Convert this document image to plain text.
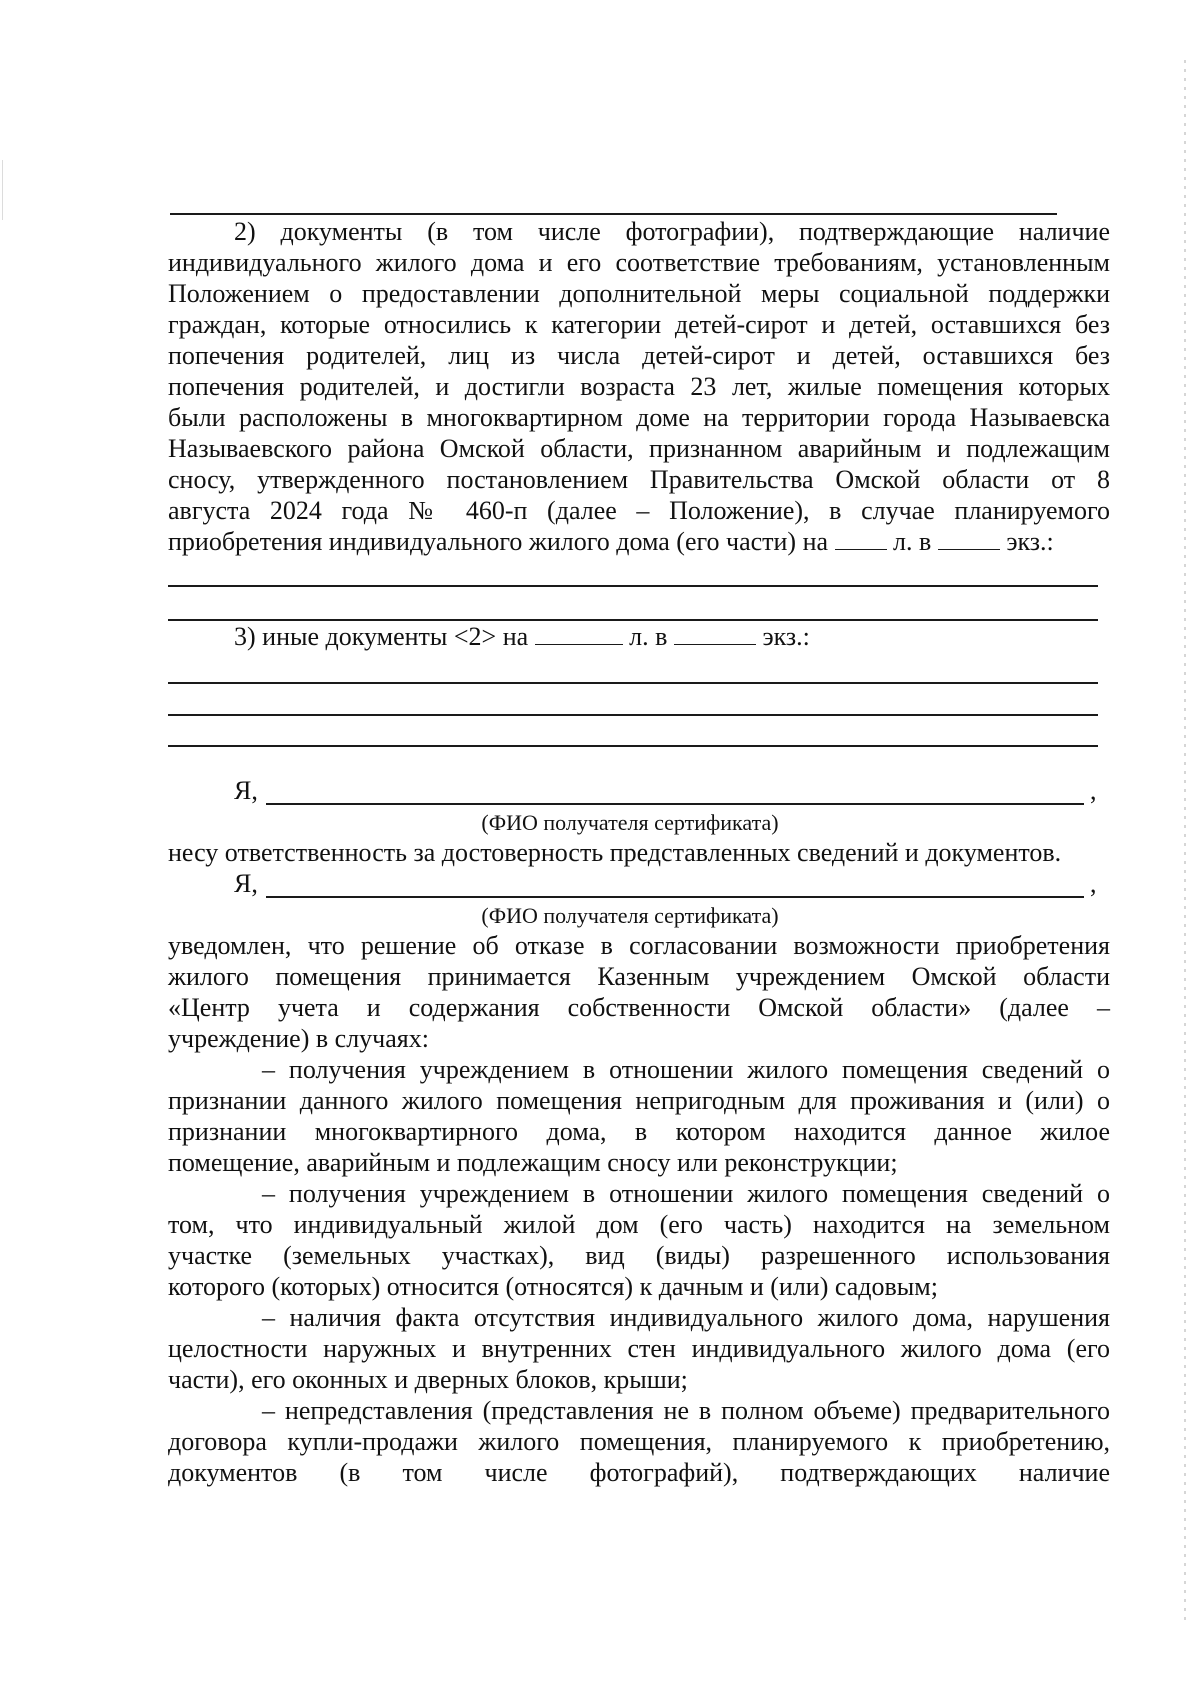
2) документы (в том числе фотографии), подтверждающие наличие
индивидуального жилого дома и его соответствие требованиям, установленным
Положением о предоставлении дополнительной меры социальной поддержки
граждан, которые относились к категории детей-сирот и детей, оставшихся без
попечения родителей, лиц из числа детей-сирот и детей, оставшихся без
попечения родителей, и достигли возраста 23 лет, жилые помещения которых
были расположены в многоквартирном доме на территории города Называевска
Называевского района Омской области, признанном аварийным и подлежащим
сносу, утвержденного постановлением Правительства Омской области от 8
августа 2024 года № 460-п (далее – Положение), в случае планируемого
приобретения индивидуального жилого дома (его части) на	л. в	экз.:
3) иные документы <2> на	л. в	экз.:
Я,	,
(ФИО получателя сертификата)
несу ответственность за достоверность представленных сведений и документов.
Я,	,
(ФИО получателя сертификата)
уведомлен, что решение об отказе в согласовании возможности приобретения
жилого помещения принимается Казенным учреждением Омской области
«Центр учета и содержания собственности Омской области» (далее –
учреждение) в случаях:
– получения учреждением в отношении жилого помещения сведений о
признании данного жилого помещения непригодным для проживания и (или) о
признании многоквартирного дома, в котором находится данное жилое
помещение, аварийным и подлежащим сносу или реконструкции;
– получения учреждением в отношении жилого помещения сведений о
том, что индивидуальный жилой дом (его часть) находится на земельном
участке (земельных участках), вид (виды) разрешенного использования
которого (которых) относится (относятся) к дачным и (или) садовым;
– наличия факта отсутствия индивидуального жилого дома, нарушения
целостности наружных и внутренних стен индивидуального жилого дома (его
части), его оконных и дверных блоков, крыши;
– непредставления (представления не в полном объеме) предварительного
договора купли-продажи жилого помещения, планируемого к приобретению,
документов (в том числе фотографий), подтверждающих наличие
